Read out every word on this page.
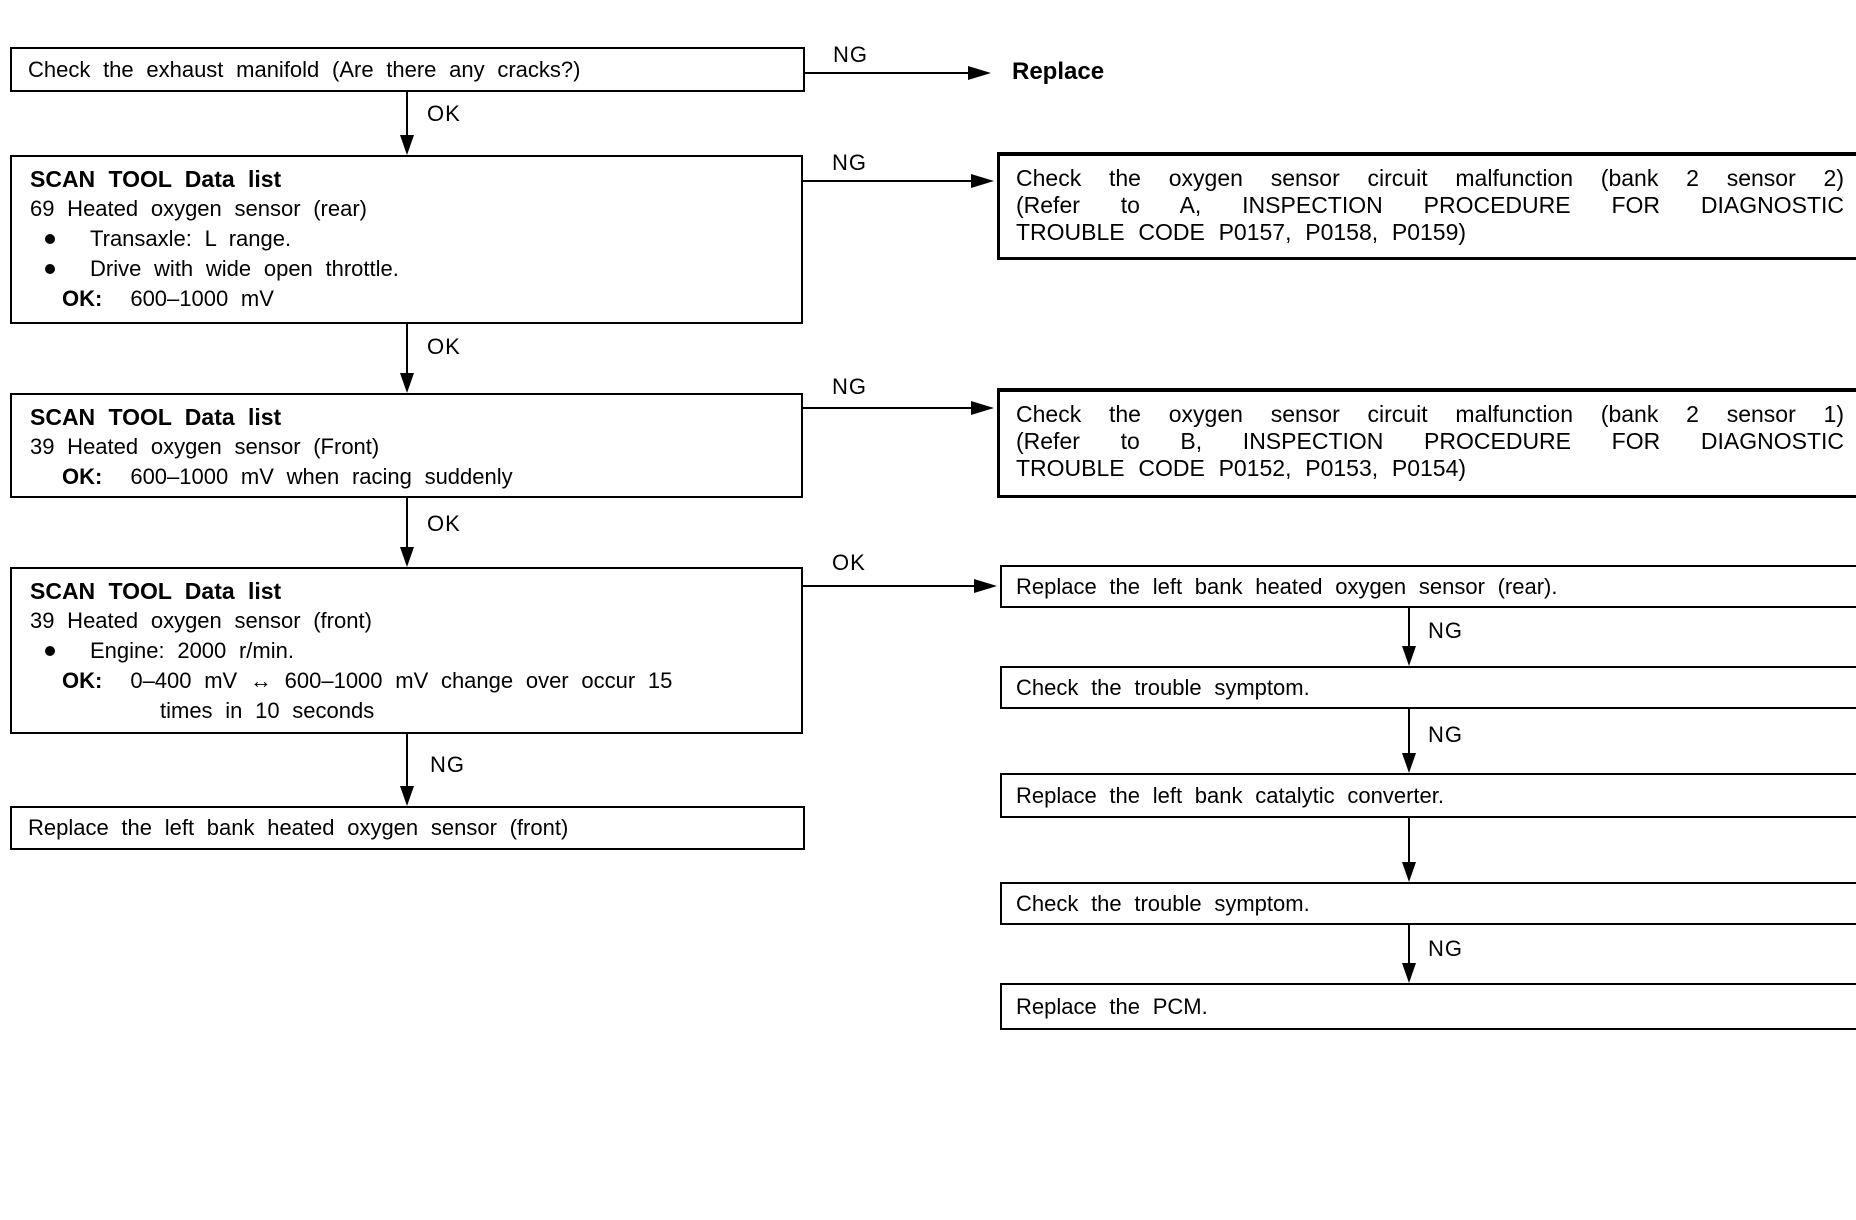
Check the exhaust manifold (Are there any cracks?)
SCAN TOOL Data list
69 Heated oxygen sensor (rear)
Transaxle: L range.
Drive with wide open throttle.
OK: 600–1000 mV
SCAN TOOL Data list
39 Heated oxygen sensor (Front)
OK: 600–1000 mV when racing suddenly
SCAN TOOL Data list
39 Heated oxygen sensor (front)
Engine: 2000 r/min.
OK: 0–400 mV ↔ 600–1000 mV change over occur 15
times in 10 seconds
Replace the left bank heated oxygen sensor (front)
Check the oxygen sensor circuit malfunction (bank 2 sensor 2)
(Refer to A, INSPECTION PROCEDURE FOR DIAGNOSTIC
TROUBLE CODE P0157, P0158, P0159)
Check the oxygen sensor circuit malfunction (bank 2 sensor 1)
(Refer to B, INSPECTION PROCEDURE FOR DIAGNOSTIC
TROUBLE CODE P0152, P0153, P0154)
Replace the left bank heated oxygen sensor (rear).
Check the trouble symptom.
Replace the left bank catalytic converter.
Check the trouble symptom.
Replace the PCM.
Replace
OK
OK
OK
NG
NG
NG
NG
OK
NG
NG
NG
